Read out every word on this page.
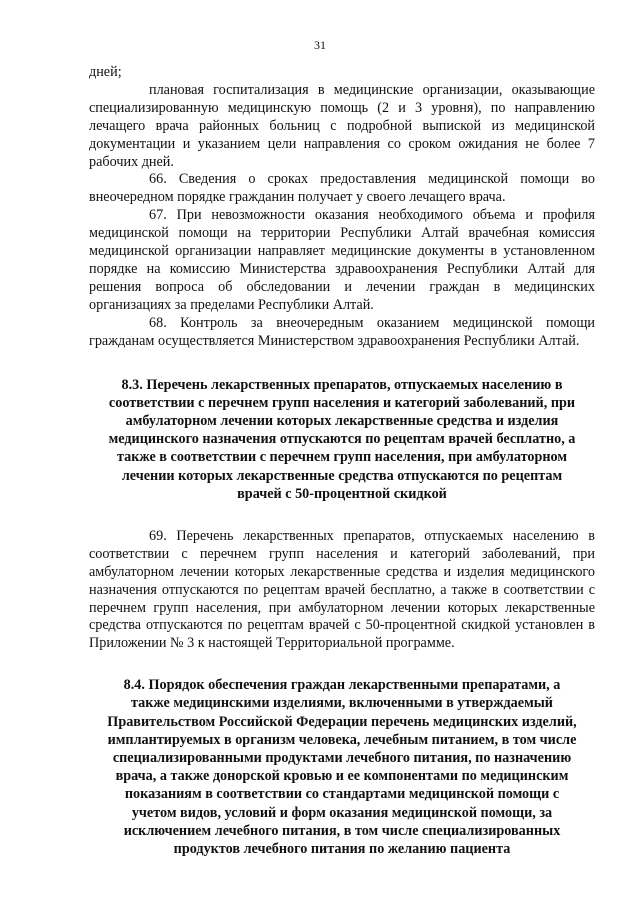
31

дней;

плановая госпитализация в медицинские организации, оказывающие специализированную медицинскую помощь (2 и 3 уровня), по направлению лечащего врача районных больниц с подробной выпиской из медицинской документации и указанием цели направления со сроком ожидания не более 7 рабочих дней.

66. Сведения о сроках предоставления медицинской помощи во внеочередном порядке гражданин получает у своего лечащего врача.

67. При невозможности оказания необходимого объема и профиля медицинской помощи на территории Республики Алтай врачебная комиссия медицинской организации направляет медицинские документы в установленном порядке на комиссию Министерства здравоохранения Республики Алтай для решения вопроса об обследовании и лечении граждан в медицинских организациях за пределами Республики Алтай.

68. Контроль за внеочередным оказанием медицинской помощи гражданам осуществляется Министерством здравоохранения Республики Алтай.

8.3. Перечень лекарственных препаратов, отпускаемых населению в
соответствии с перечнем групп населения и категорий заболеваний, при
амбулаторном лечении которых лекарственные средства и изделия
медицинского назначения отпускаются по рецептам врачей бесплатно, а
также в соответствии с перечнем групп населения, при амбулаторном
лечении которых лекарственные средства отпускаются по рецептам
врачей с 50-процентной скидкой

69. Перечень лекарственных препаратов, отпускаемых населению в соответствии с перечнем групп населения и категорий заболеваний, при амбулаторном лечении которых лекарственные средства и изделия медицинского назначения отпускаются по рецептам врачей бесплатно, а также в соответствии с перечнем групп населения, при амбулаторном лечении которых лекарственные средства отпускаются по рецептам врачей с 50-процентной скидкой установлен в Приложении № 3 к настоящей Территориальной программе.

8.4. Порядок обеспечения граждан лекарственными препаратами, а
также медицинскими изделиями, включенными в утверждаемый
Правительством Российской Федерации перечень медицинских изделий,
имплантируемых в организм человека, лечебным питанием, в том числе
специализированными продуктами лечебного питания, по назначению
врача, а также донорской кровью и ее компонентами по медицинским
показаниям в соответствии со стандартами медицинской помощи с
учетом видов, условий и форм оказания медицинской помощи, за
исключением лечебного питания, в том числе специализированных
продуктов лечебного питания по желанию пациента
